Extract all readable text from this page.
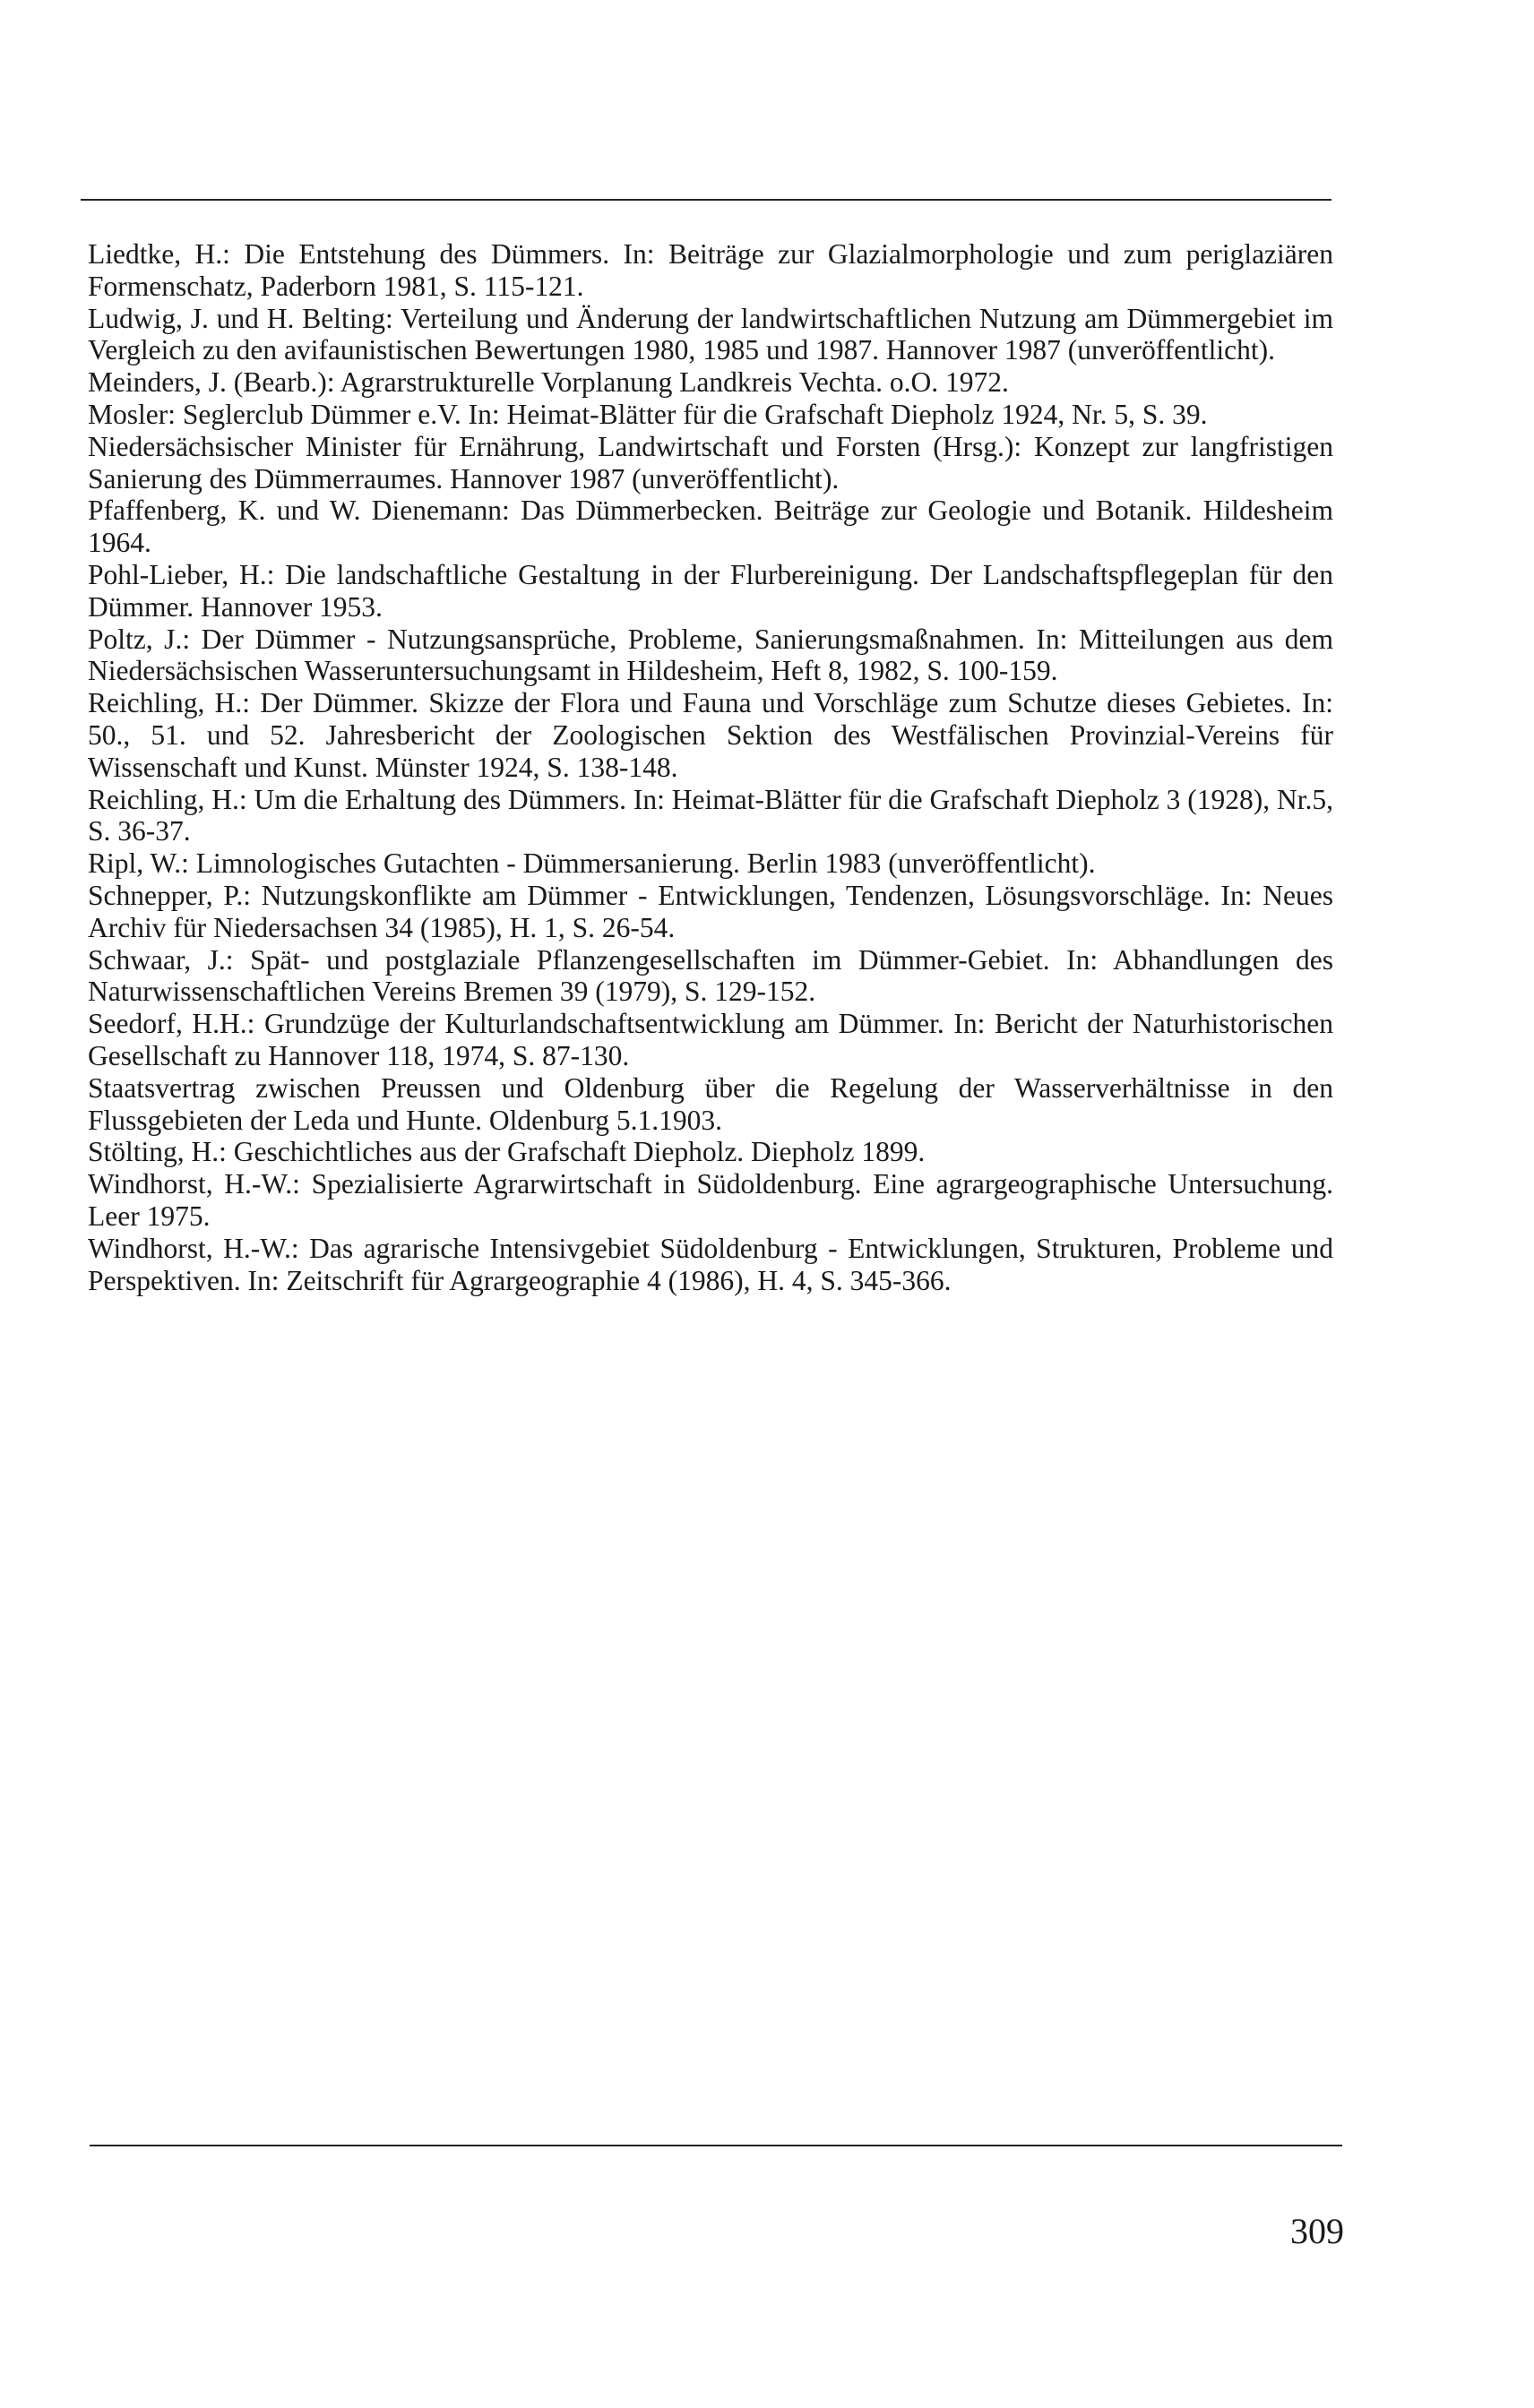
Liedtke, H.: Die Entstehung des Dümmers. In: Beiträge zur Glazialmorphologie und zum periglaziären Formenschatz, Paderborn 1981, S. 115-121.

Ludwig, J. und H. Belting: Verteilung und Änderung der landwirtschaftlichen Nutzung am Dümmergebiet im Vergleich zu den avifaunistischen Bewertungen 1980, 1985 und 1987. Hannover 1987 (unveröffentlicht).

Meinders, J. (Bearb.): Agrarstrukturelle Vorplanung Landkreis Vechta. o.O. 1972.

Mosler: Seglerclub Dümmer e.V. In: Heimat-Blätter für die Grafschaft Diepholz 1924, Nr. 5, S. 39.

Niedersächsischer Minister für Ernährung, Landwirtschaft und Forsten (Hrsg.): Konzept zur langfristigen Sanierung des Dümmerraumes. Hannover 1987 (unveröffentlicht).

Pfaffenberg, K. und W. Dienemann: Das Dümmerbecken. Beiträge zur Geologie und Botanik. Hildesheim 1964.

Pohl-Lieber, H.: Die landschaftliche Gestaltung in der Flurbereinigung. Der Landschaftspflegeplan für den Dümmer. Hannover 1953.

Poltz, J.: Der Dümmer - Nutzungsansprüche, Probleme, Sanierungsmaßnahmen. In: Mitteilungen aus dem Niedersächsischen Wasseruntersuchungsamt in Hildesheim, Heft 8, 1982, S. 100-159.

Reichling, H.: Der Dümmer. Skizze der Flora und Fauna und Vorschläge zum Schutze dieses Gebietes. In: 50., 51. und 52. Jahresbericht der Zoologischen Sektion des Westfälischen Provinzial-Vereins für Wissenschaft und Kunst. Münster 1924, S. 138-148.

Reichling, H.: Um die Erhaltung des Dümmers. In: Heimat-Blätter für die Grafschaft Diepholz 3 (1928), Nr.5, S. 36-37.

Ripl, W.: Limnologisches Gutachten - Dümmersanierung. Berlin 1983 (unveröffentlicht).

Schnepper, P.: Nutzungskonflikte am Dümmer - Entwicklungen, Tendenzen, Lösungsvorschläge. In: Neues Archiv für Niedersachsen 34 (1985), H. 1, S. 26-54.

Schwaar, J.: Spät- und postglaziale Pflanzengesellschaften im Dümmer-Gebiet. In: Abhandlungen des Naturwissenschaftlichen Vereins Bremen 39 (1979), S. 129-152.

Seedorf, H.H.: Grundzüge der Kulturlandschaftsentwicklung am Dümmer. In: Bericht der Naturhistorischen Gesellschaft zu Hannover 118, 1974, S. 87-130.

Staatsvertrag zwischen Preussen und Oldenburg über die Regelung der Wasserverhältnisse in den Flussgebieten der Leda und Hunte. Oldenburg 5.1.1903.

Stölting, H.: Geschichtliches aus der Grafschaft Diepholz. Diepholz 1899.

Windhorst, H.-W.: Spezialisierte Agrarwirtschaft in Südoldenburg. Eine agrargeographische Untersuchung. Leer 1975.

Windhorst, H.-W.: Das agrarische Intensivgebiet Südoldenburg - Entwicklungen, Strukturen, Probleme und Perspektiven. In: Zeitschrift für Agrargeographie 4 (1986), H. 4, S. 345-366.

309
